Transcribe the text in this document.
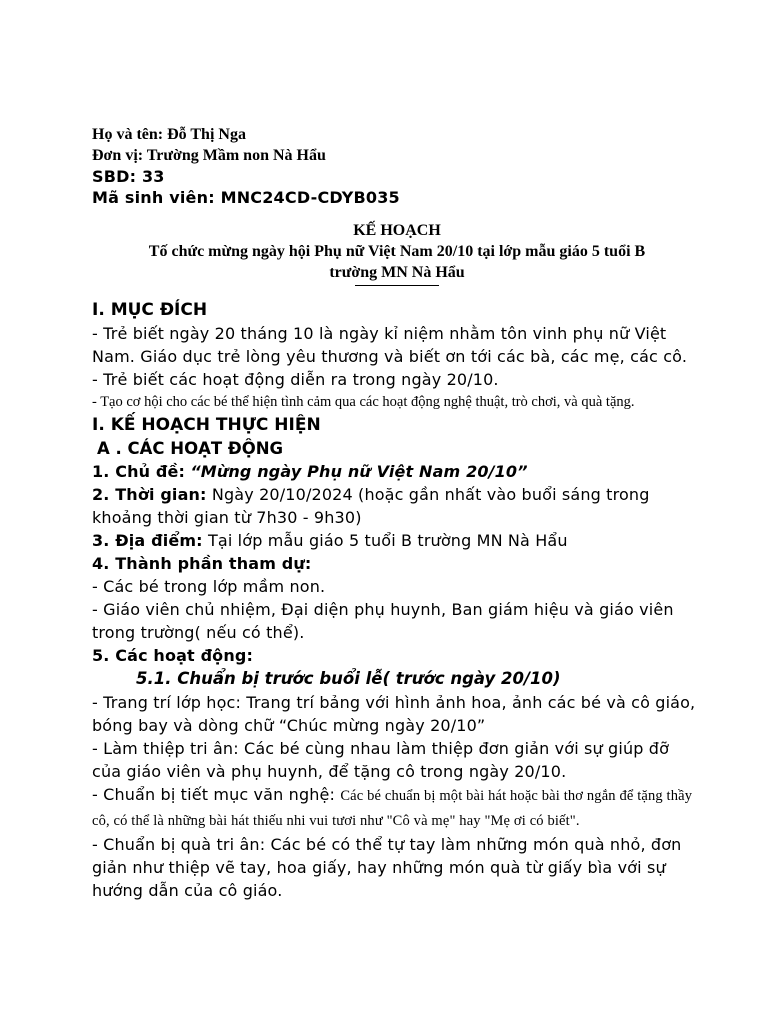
Họ và tên: Đỗ Thị Nga

Đơn vị: Trường Mầm non Nà Hẩu

SBD: 33

Mã sinh viên: MNC24CD-CDYB035

KẾ HOẠCH

Tố chức mừng ngày hội Phụ nữ Việt Nam 20/10 tại lớp mẫu giáo 5 tuổi B

trường MN Nà Hẩu

I. MỤC ĐÍCH

- Trẻ biết ngày 20 tháng 10 là ngày kỉ niệm nhằm tôn vinh phụ nữ Việt Nam. Giáo dục trẻ lòng yêu thương và biết ơn tới các bà, các mẹ, các cô.

- Trẻ biết các hoạt động diễn ra trong ngày 20/10.

- Tạo cơ hội cho các bé thể hiện tình cảm qua các hoạt động nghệ thuật, trò chơi, và quà tặng.

I. KẾ HOẠCH THỰC HIỆN

A . CÁC HOẠT ĐỘNG

1. Chủ đề: “Mừng ngày Phụ nữ Việt Nam 20/10”

2. Thời gian: Ngày 20/10/2024 (hoặc gần nhất vào buổi sáng trong khoảng thời gian từ 7h30 - 9h30)

3. Địa điểm: Tại lớp mẫu giáo 5 tuổi B trường MN Nà Hẩu

4. Thành phần tham dự:

- Các bé trong lớp mầm non.

- Giáo viên chủ nhiệm, Đại diện phụ huynh, Ban giám hiệu và giáo viên trong trường( nếu có thể).

5. Các hoạt động:

5.1. Chuẩn bị trước buổi lễ( trước ngày 20/10)

- Trang trí lớp học: Trang trí bảng với hình ảnh hoa, ảnh các bé và cô giáo, bóng bay và dòng chữ “Chúc mừng ngày 20/10”

- Làm thiệp tri ân: Các bé cùng nhau làm thiệp đơn giản với sự giúp đỡ của giáo viên và phụ huynh, để tặng cô trong ngày 20/10.

- Chuẩn bị tiết mục văn nghệ: Các bé chuẩn bị một bài hát hoặc bài thơ ngắn để tặng thầy cô, có thể là những bài hát thiếu nhi vui tươi như "Cô và mẹ" hay "Mẹ ơi có biết".

- Chuẩn bị quà tri ân: Các bé có thể tự tay làm những món quà nhỏ, đơn giản như thiệp vẽ tay, hoa giấy, hay những món quà từ giấy bìa với sự hướng dẫn của cô giáo.
